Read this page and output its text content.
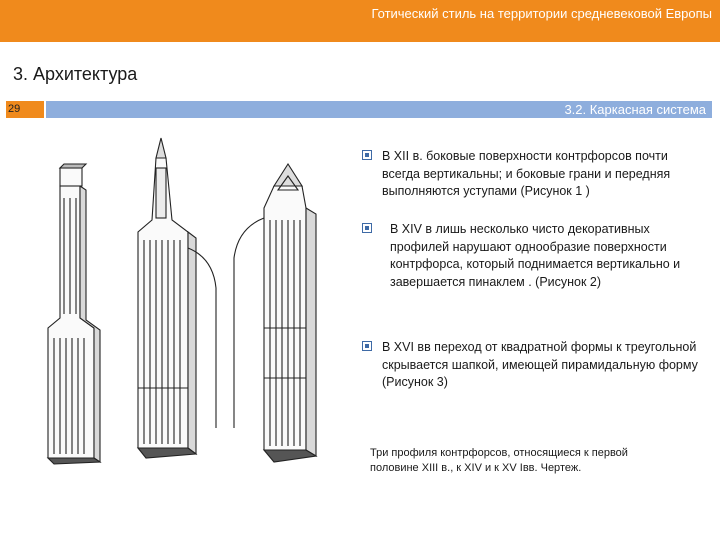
Готический стиль на территории средневековой Европы
3. Архитектура
29	3.2. Каркасная система
В XII в. боковые поверхности контрфорсов почти всегда вертикальны; и боковые грани и передняя выполняются уступами (Рисунок 1 )
В XIV в лишь несколько чисто декоративных профилей нарушают однообразие поверхности контрфорса, который поднимается вертикально и завершается пинаклем . (Рисунок 2)
В XVI вв переход от квадратной формы к треугольной скрывается шапкой, имеющей пирамидальную форму (Рисунок 3)
Три профиля контрфорсов, относящиеся к первой половине XIII в., к XIV и к XV Iвв. Чертеж.
